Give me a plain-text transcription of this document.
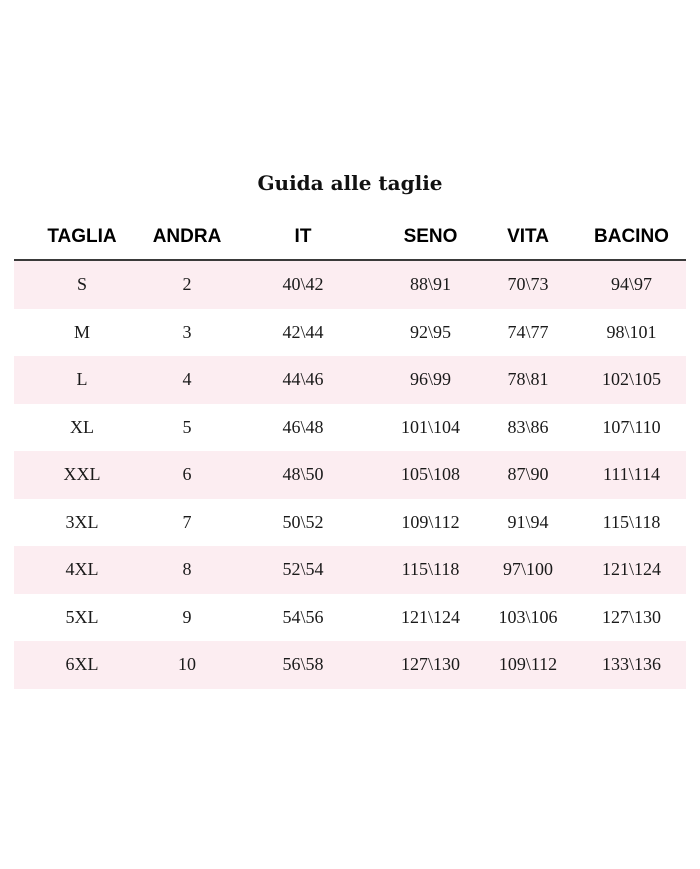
Guida alle taglie
TAGLIA	ANDRA	IT	SENO	VITA	BACINO
S	2	40\42	88\91	70\73	94\97
M	3	42\44	92\95	74\77	98\101
L	4	44\46	96\99	78\81	102\105
XL	5	46\48	101\104	83\86	107\110
XXL	6	48\50	105\108	87\90	111\114
3XL	7	50\52	109\112	91\94	115\118
4XL	8	52\54	115\118	97\100	121\124
5XL	9	54\56	121\124	103\106	127\130
6XL	10	56\58	127\130	109\112	133\136
